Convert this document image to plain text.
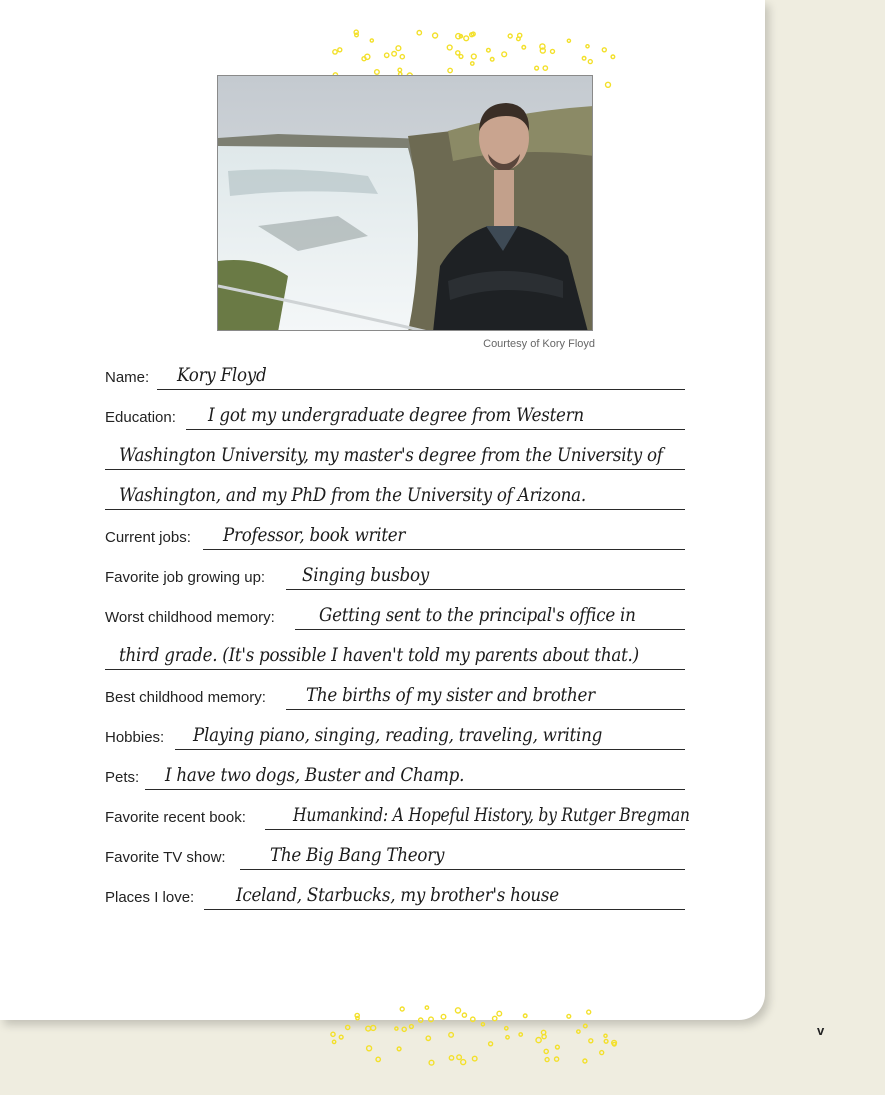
Courtesy of Kory Floyd
Name: Kory Floyd
Education: I got my undergraduate degree from Western
Washington University, my master's degree from the University of
Washington, and my PhD from the University of Arizona.
Current jobs: Professor, book writer
Favorite job growing up: Singing busboy
Worst childhood memory: Getting sent to the principal's office in
third grade. (It's possible I haven't told my parents about that.)
Best childhood memory: The births of my sister and brother
Hobbies: Playing piano, singing, reading, traveling, writing
Pets: I have two dogs, Buster and Champ.
Favorite recent book: Humankind: A Hopeful History, by Rutger Bregman
Favorite TV show: The Big Bang Theory
Places I love: Iceland, Starbucks, my brother's house
v
